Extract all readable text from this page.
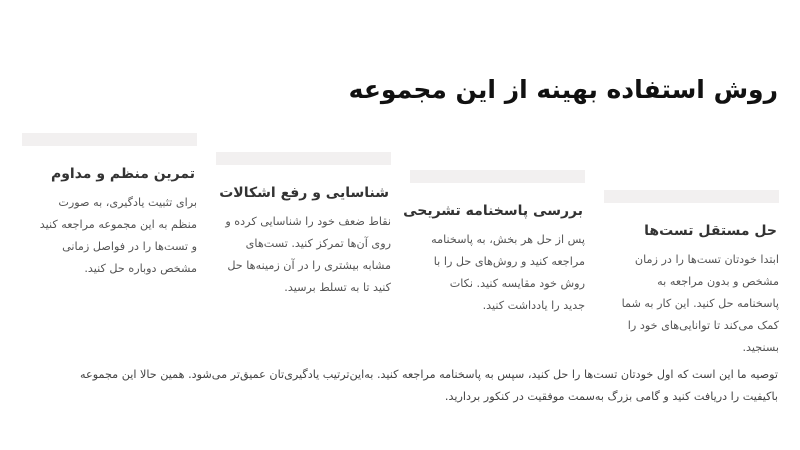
روش استفاده بهینه از این مجموعه
حل مستقل تست‌ها

ابتدا خودتان تست‌ها را در زمان
مشخص و بدون مراجعه به
پاسخنامه حل کنید. این کار به شما
کمک می‌کند تا توانایی‌های خود را
بسنجید.

بررسی پاسخنامه تشریحی

پس از حل هر بخش، به پاسخنامه
مراجعه کنید و روش‌های حل را با
روش خود مقایسه کنید. نکات
جدید را یادداشت کنید.

شناسایی و رفع اشکالات

نقاط ضعف خود را شناسایی کرده و
روی آن‌ها تمرکز کنید. تست‌های
مشابه بیشتری را در آن زمینه‌ها حل
کنید تا به تسلط برسید.

تمرین منظم و مداوم

برای تثبیت یادگیری، به صورت
منظم به این مجموعه مراجعه کنید
و تست‌ها را در فواصل زمانی
مشخص دوباره حل کنید.

توصیه ما این است که اول خودتان تست‌ها را حل کنید، سپس به پاسخنامه مراجعه کنید. به‌این‌ترتیب یادگیری‌تان عمیق‌تر می‌شود. همین حالا این مجموعه
باکیفیت را دریافت کنید و گامی بزرگ به‌سمت موفقیت در کنکور بردارید.
